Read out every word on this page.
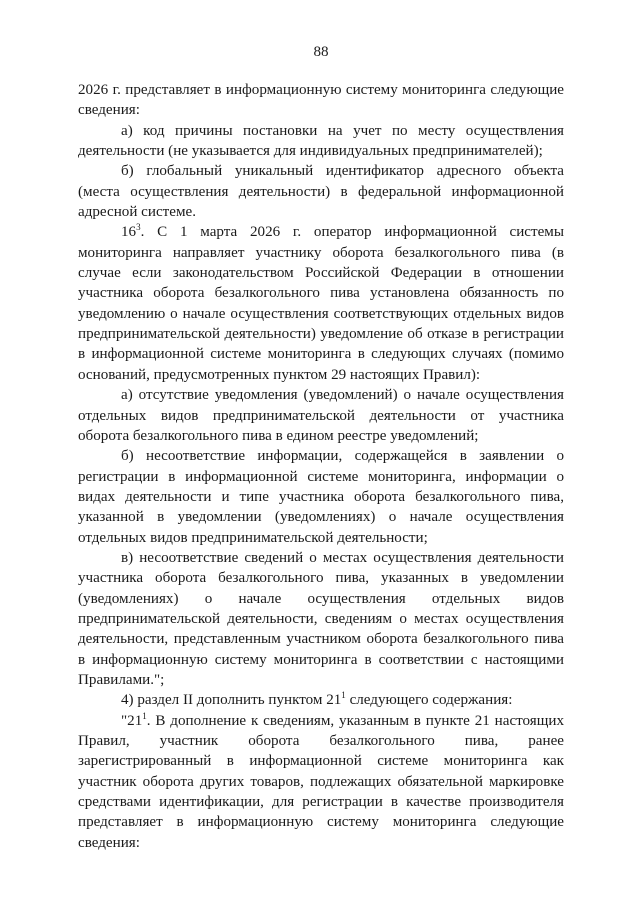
88

2026 г. представляет в информационную систему мониторинга следующие сведения:

а) код причины постановки на учет по месту осуществления деятельности (не указывается для индивидуальных предпринимателей);

б) глобальный уникальный идентификатор адресного объекта (места осуществления деятельности) в федеральной информационной адресной системе.

$16^3$. С 1 марта 2026 г. оператор информационной системы мониторинга направляет участнику оборота безалкогольного пива (в случае если законодательством Российской Федерации в отношении участника оборота безалкогольного пива установлена обязанность по уведомлению о начале осуществления соответствующих отдельных видов предпринимательской деятельности) уведомление об отказе в регистрации в информационной системе мониторинга в следующих случаях (помимо оснований, предусмотренных пунктом 29 настоящих Правил):

а) отсутствие уведомления (уведомлений) о начале осуществления отдельных видов предпринимательской деятельности от участника оборота безалкогольного пива в едином реестре уведомлений;

б) несоответствие информации, содержащейся в заявлении о регистрации в информационной системе мониторинга, информации о видах деятельности и типе участника оборота безалкогольного пива, указанной в уведомлении (уведомлениях) о начале осуществления отдельных видов предпринимательской деятельности;

в) несоответствие сведений о местах осуществления деятельности участника оборота безалкогольного пива, указанных в уведомлении (уведомлениях) о начале осуществления отдельных видов предпринимательской деятельности, сведениям о местах осуществления деятельности, представленным участником оборота безалкогольного пива в информационную систему мониторинга в соответствии с настоящими Правилами.";

4) раздел II дополнить пунктом $21^1$ следующего содержания:

"$21^1$. В дополнение к сведениям, указанным в пункте 21 настоящих Правил, участник оборота безалкогольного пива, ранее зарегистрированный в информационной системе мониторинга как участник оборота других товаров, подлежащих обязательной маркировке средствами идентификации, для регистрации в качестве производителя представляет в информационную систему мониторинга следующие сведения:
